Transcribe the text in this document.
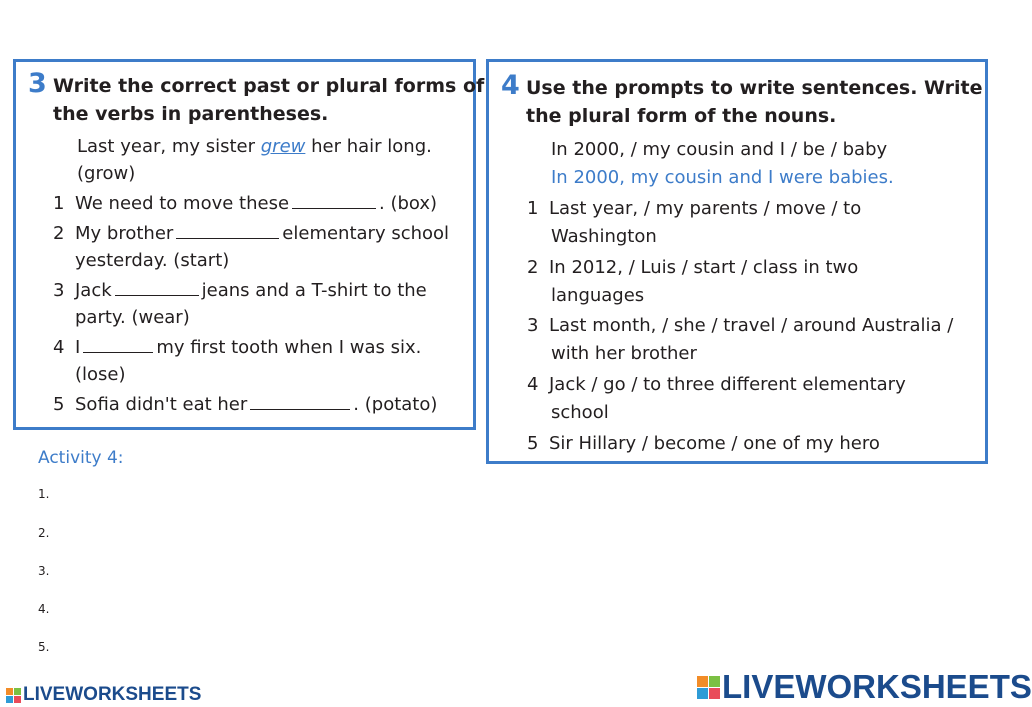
3 Write the correct past or plural forms of
the verbs in parentheses.
Last year, my sister grew her hair long.
(grow)
1 We need to move these	. (box)
2 My brother	elementary school
yesterday. (start)
3 Jack	jeans and a T-shirt to the
party. (wear)
4 I	my first tooth when I was six.
(lose)
5 Sofia didn't eat her	. (potato)
4 Use the prompts to write sentences. Write
the plural form of the nouns.
In 2000, / my cousin and I / be / baby
In 2000, my cousin and I were babies.
1 Last year, / my parents / move / to
Washington
2 In 2012, / Luis / start / class in two
languages
3 Last month, / she / travel / around Australia /
with her brother
4 Jack / go / to three different elementary
school
5 Sir Hillary / become / one of my hero
Activity 4:
1.
2.
3.
4.
5.
LIVEWORKSHEETS	LIVEWORKSHEETS
